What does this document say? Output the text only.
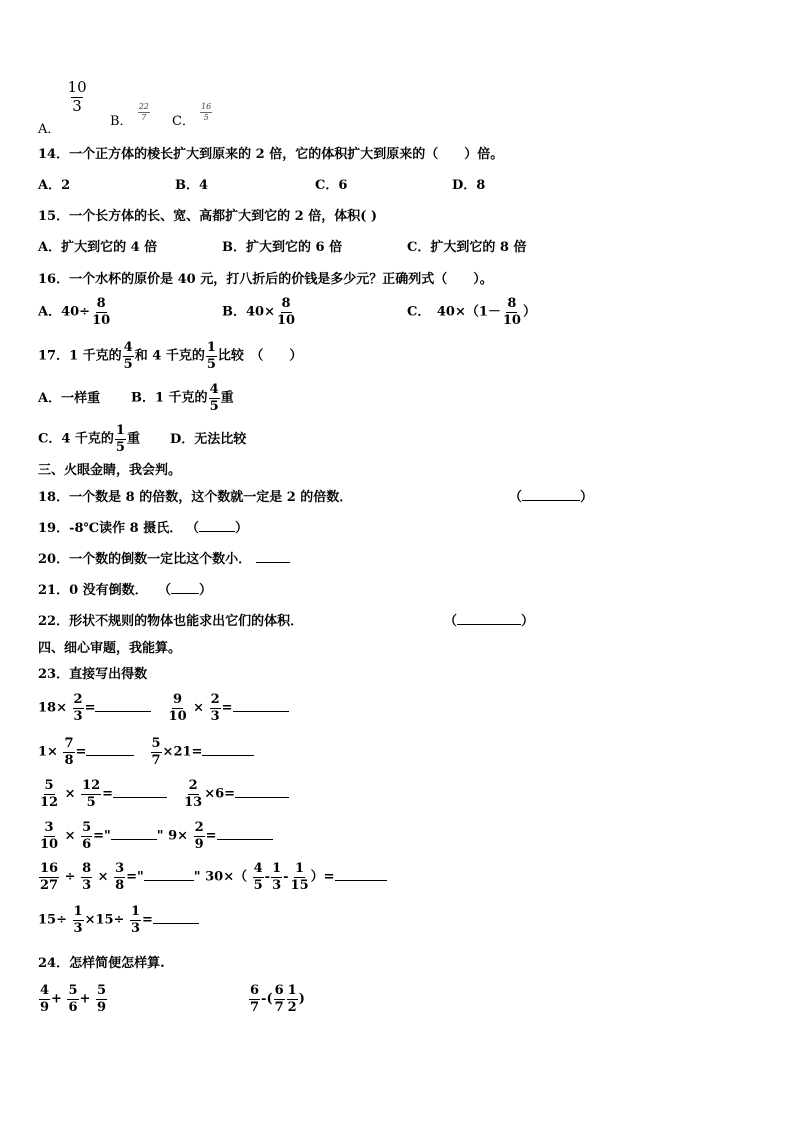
A．
$\frac{10}{3}$
B． $\frac{22}{7}$ C． $\frac{16}{5}$
14．一个正方体的棱长扩大到原来的 2 倍，它的体积扩大到原来的（　　）倍。
A．2	B．4	C．6	D．8
15．一个长方体的长、宽、高都扩大到它的 2 倍，体积( )
A．扩大到它的 4 倍	B．扩大到它的 6 倍	C．扩大到它的 8 倍
16．一个水杯的原价是 40 元，打八折后的价钱是多少元？正确列式（　　）。
A．$40\div \frac{8}{10}$	B．$40\times \frac{8}{10}$	C．　$40\times(1- \frac{8}{10}$ ）
17．1 千克的 $\frac{4}{5}$ 和 4 千克的 $\frac{1}{5}$ 比较　（　　）
A．一样重 B．1 千克的 $\frac{4}{5}$ 重
C．4 千克的 $\frac{1}{5}$ 重 D．无法比较
三、火眼金睛，我会判。
18．一个数是 8 的倍数，这个数就一定是 2 的倍数．	（	）
19．-8℃读作 8 摄氏． （	）
20．一个数的倒数一定比这个数小．
21．0 没有倒数． （ ）
22．形状不规则的物体也能求出它们的体积．	（	）
四、细心审题，我能算。
23．直接写出得数
$18\times \frac{2}{3}$ =	$\frac{9}{10} \times \frac{2}{3}$ =
$1\times \frac{7}{8}$ =	$\frac{5}{7} \times 21=$
$\frac{5}{12} \times \frac{12}{5}$ =	$\frac{2}{13} \times 6=$
$\frac{3}{10} \times \frac{5}{6}$ ="	" $9\times \frac{2}{9}$ =
$\frac{16}{27} \div \frac{8}{3} \times \frac{3}{8}$ ="	" $30\times( \frac{4}{5} - \frac{1}{3} - \frac{1}{15}$ ）=
$15\div \frac{1}{3} \times 15\div \frac{1}{3}$ =
24．怎样简便怎样算.
$\frac{4}{9} + \frac{5}{6} + \frac{5}{9}$	$\frac{6}{7}$ -( $\frac{6}{7} \frac{1}{2}$ )
